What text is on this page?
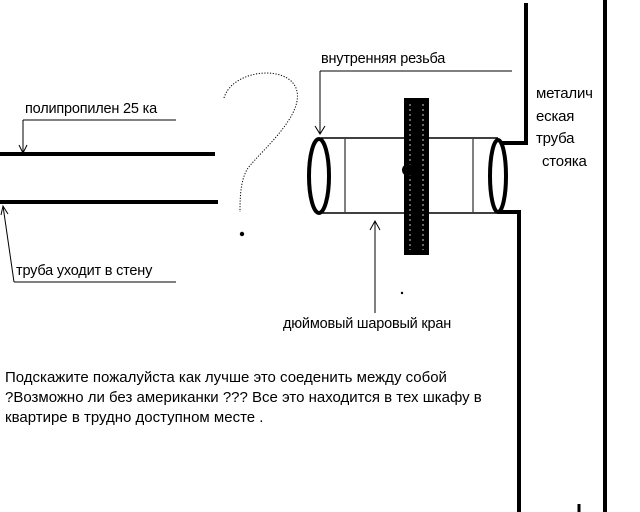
полипропилен 25 ка
труба уходит в стену
внутренняя резьба
дюймовый шаровый кран
металич
еская
труба
стояка
Подскажите пожалуйста как лучше это соеденить между собой
?Возможно ли без американки ??? Все это находится в тех шкафу в
квартире в трудно доступном месте .
